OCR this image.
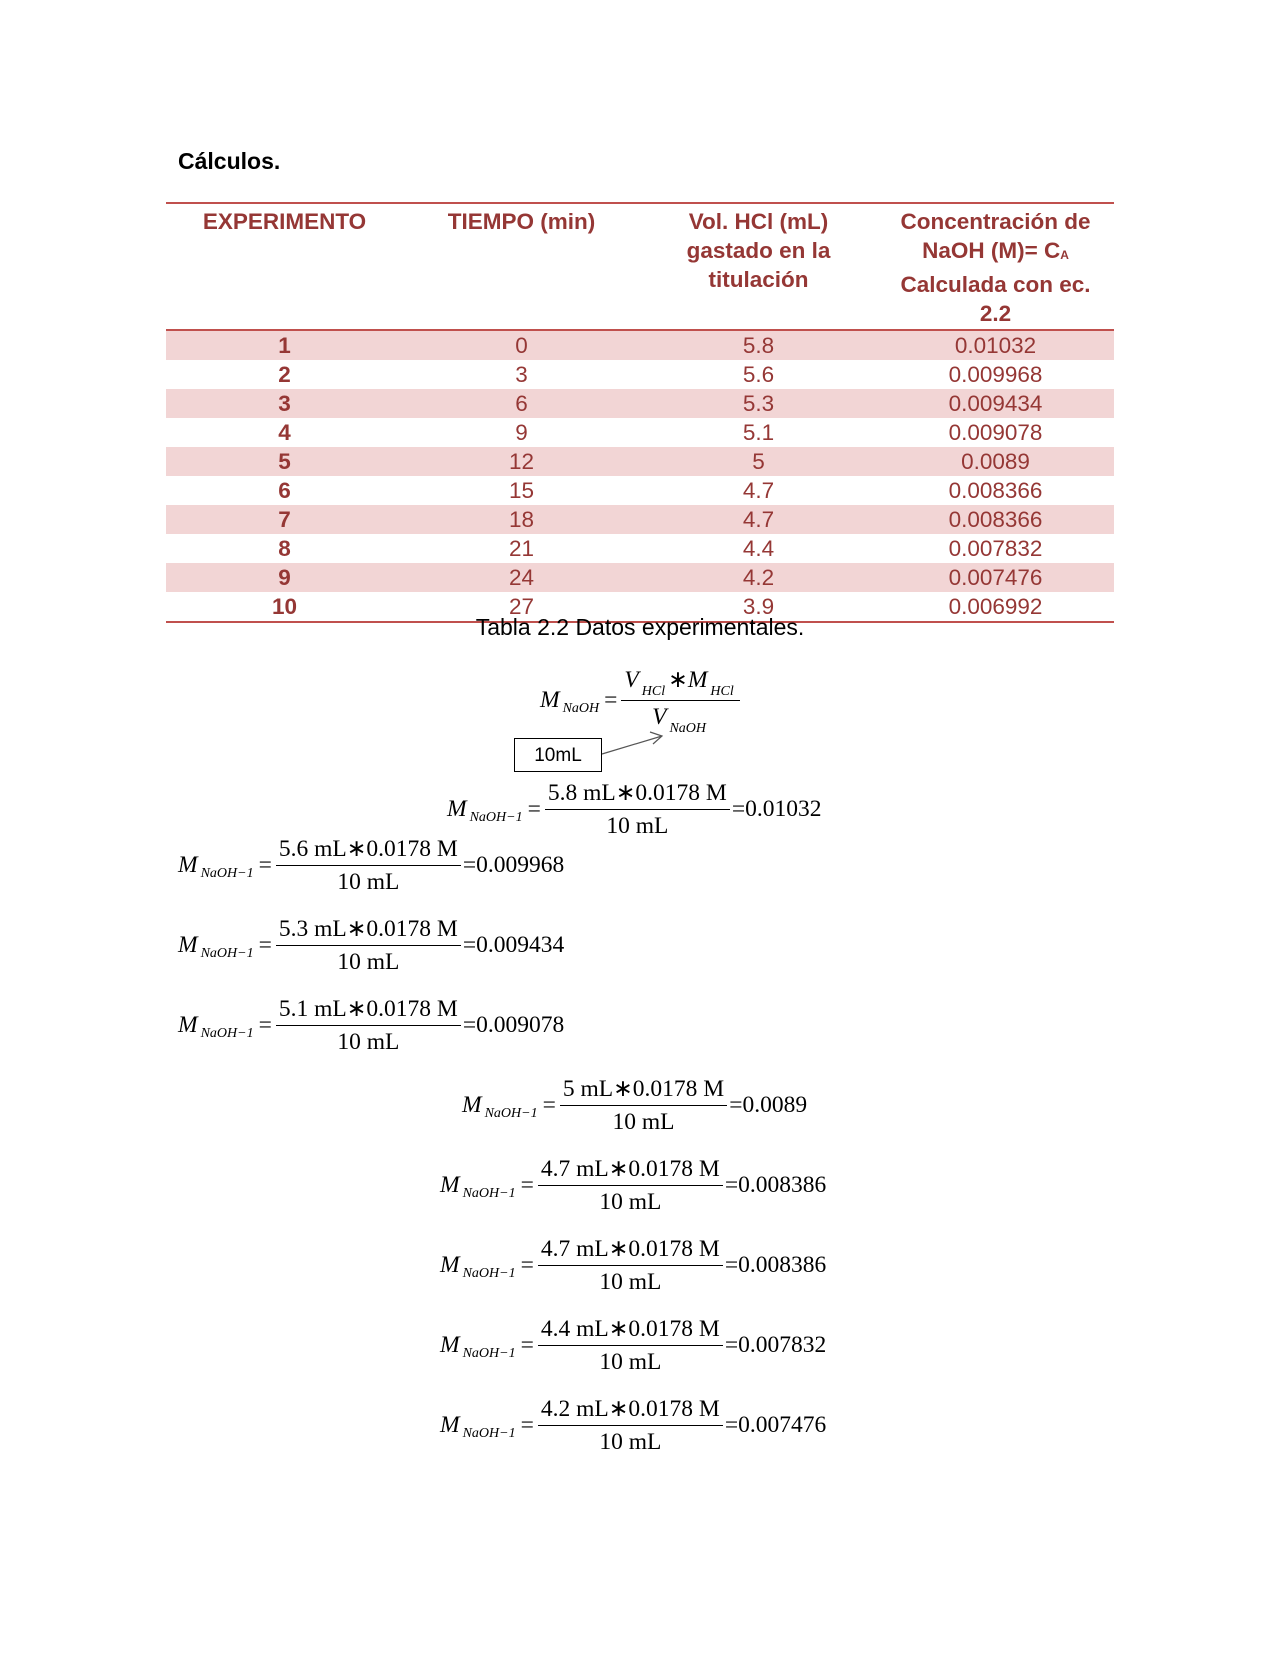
Cálculos.
EXPERIMENTO	TIEMPO (min)	Vol. HCl (mL) gastado en la titulación	Concentración de NaOH $(M)= C_A$ Calculada con ec. 2.2
1	0	5.8	0.01032
2	3	5.6	0.009968
3	6	5.3	0.009434
4	9	5.1	0.009078
5	12	5	0.0089
6	15	4.7	0.008366
7	18	4.7	0.008366
8	21	4.4	0.007832
9	24	4.2	0.007476
10	27	3.9	0.006992
Tabla 2.2 Datos experimentales.
M NaOH = $\frac{V _{HCl} ∗M _{HCl}}{V _{NaOH}}$
10mL
M NaOH−1 = $\frac{5.8 mL∗0.0178 M}{10 mL} =0.01032$
M NaOH−1 = $\frac{5.6 mL∗0.0178 M}{10 mL} =0.009968$
M NaOH−1 = $\frac{5.3 mL∗0.0178 M}{10 mL} =0.009434$
M NaOH−1 = $\frac{5.1 mL∗0.0178 M}{10 mL} =0.009078$
M NaOH−1 = $\frac{5 mL∗0.0178 M}{10 mL} =0.0089$
M NaOH−1 = $\frac{4.7 mL∗0.0178 M}{10 mL} =0.008386$
M NaOH−1 = $\frac{4.7 mL∗0.0178 M}{10 mL} =0.008386$
M NaOH−1 = $\frac{4.4 mL∗0.0178 M}{10 mL} =0.007832$
M NaOH−1 = $\frac{4.2 mL∗0.0178 M}{10 mL} =0.007476$
